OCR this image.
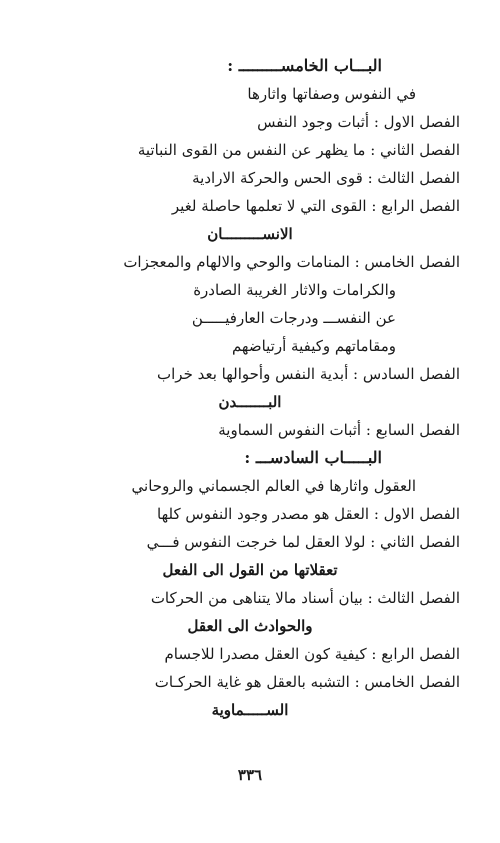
البـــاب الخامســـــــــ :
في النفوس وصفاتها واثارها
الفصل الاول : أثبات وجود النفس
الفصل الثاني : ما يظهر عن النفس من القوى النباتية
الفصل الثالث : قوى الحس والحركة الارادية
الفصل الرابع : القوى التي لا تعلمها حاصلة لغير
الانســـــــــان
الفصل الخامس : المنامات والوحي والالهام والمعجزات
والكرامات والاثار الغريبة الصادرة
عن النفســـ ودرجات العارفيـــــن
ومقاماتهم وكيفية أرتياضهم
الفصل السادس : أبدية النفس وأحوالها بعد خراب
البـــــــدن
الفصل السابع : أثبات النفوس السماوية
البـــــاب السادســـ :
العقول واثارها في العالم الجسماني والروحاني
الفصل الاول : العقل هو مصدر وجود النفوس كلها
الفصل الثاني : لولا العقل لما خرجت النفوس فـــي
تعقلاتها من القول الى الفعل
الفصل الثالث : بيان أسناد مالا يتناهى من الحركات
والحوادث الى العقل
الفصل الرابع : كيفية كون العقل مصدرا للاجسام
الفصل الخامس : التشبه بالعقل هو غاية الحركـات
الســـــماوية
٣٣٦
